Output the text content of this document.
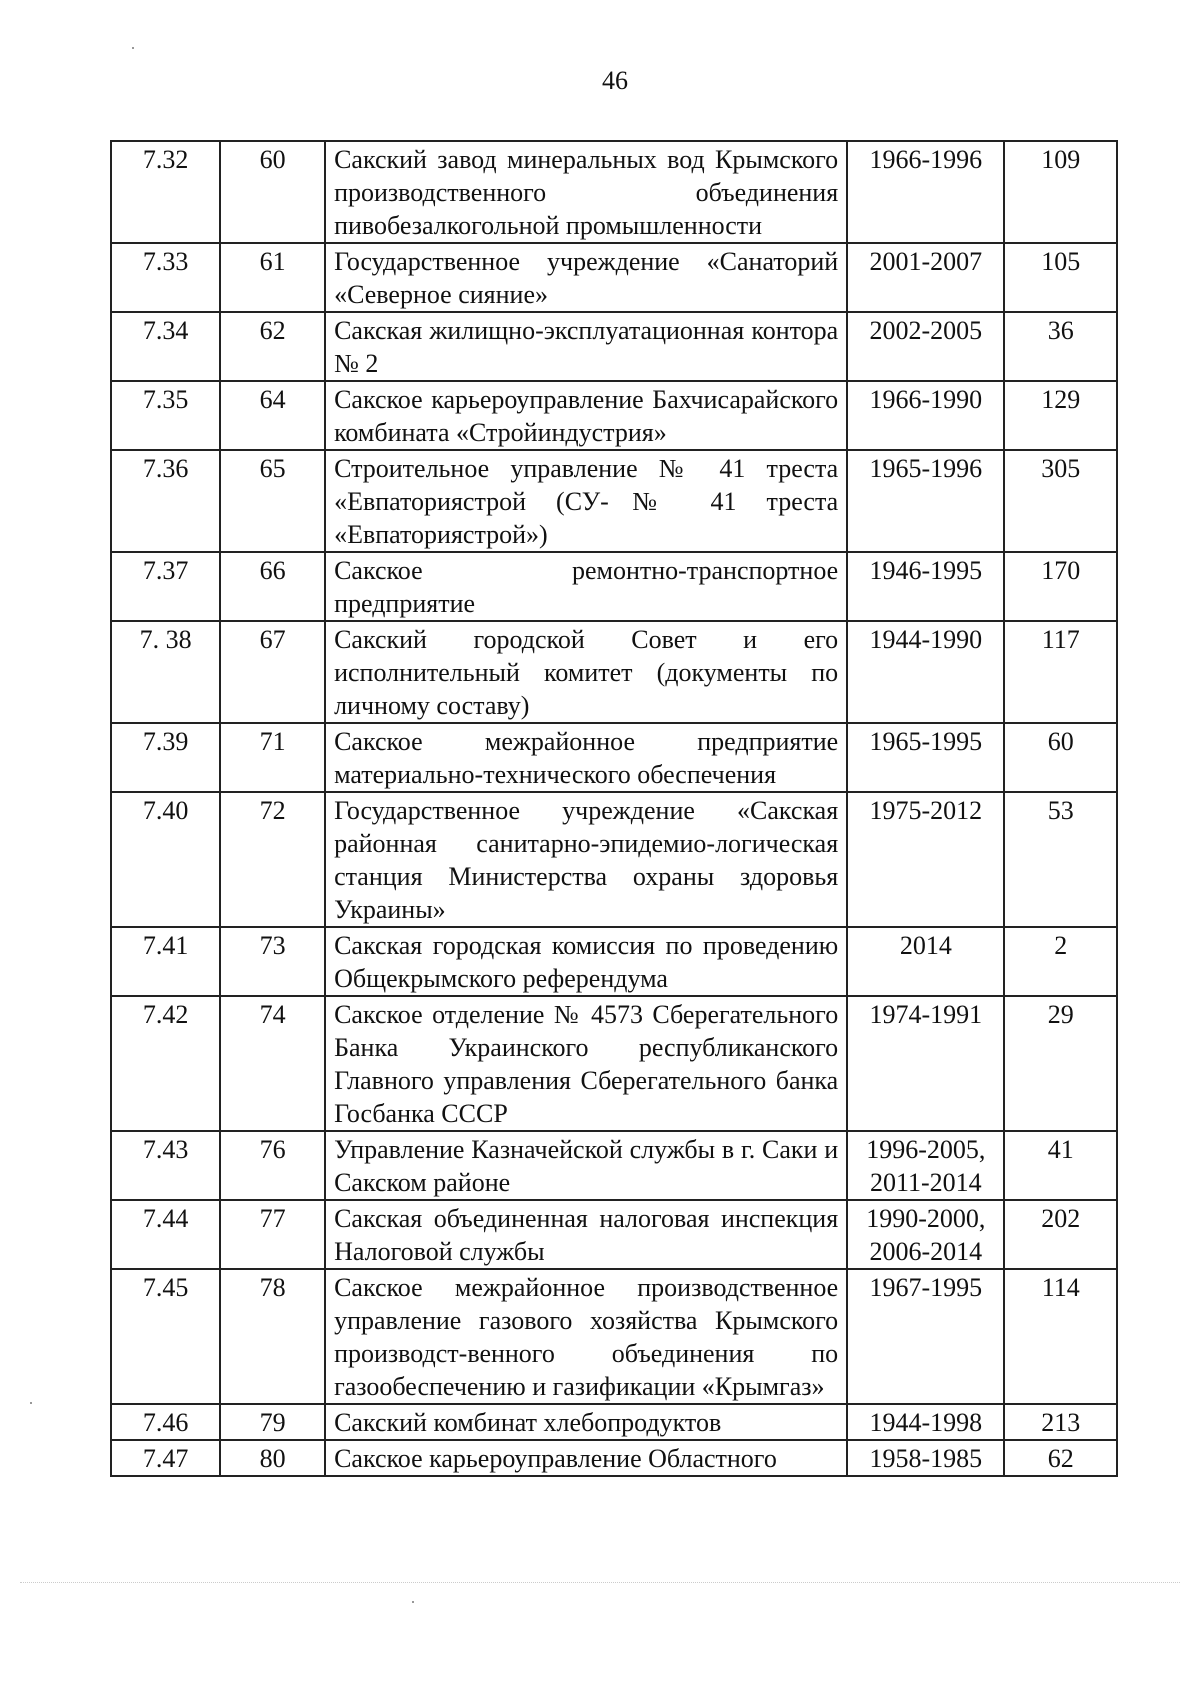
46
7.32	60	Сакский завод минеральных вод Крымского производственного объединения пивобезалкогольной промышленности	1966-1996	109
7.33	61	Государственное учреждение «Санаторий «Северное сияние»	2001-2007	105
7.34	62	Сакская жилищно-эксплуатационная контора № 2	2002-2005	36
7.35	64	Сакское карьероуправление Бахчисарайского комбината «Стройиндустрия»	1966-1990	129
7.36	65	Строительное управление № 41 треста «Евпаториястрой (СУ-№ 41 треста «Евпаториястрой»)	1965-1996	305
7.37	66	Сакское ремонтно-транспортное предприятие	1946-1995	170
7. 38	67	Сакский городской Совет и его исполнительный комитет (документы по личному составу)	1944-1990	117
7.39	71	Сакское межрайонное предприятие материально-технического обеспечения	1965-1995	60
7.40	72	Государственное учреждение «Сакская районная санитарно-эпидемио-логическая станция Министерства охраны здоровья Украины»	1975-2012	53
7.41	73	Сакская городская комиссия по проведению Общекрымского референдума	2014	2
7.42	74	Сакское отделение № 4573 Сберегательного Банка Украинского республиканского Главного управления Сберегательного банка Госбанка СССР	1974-1991	29
7.43	76	Управление Казначейской службы в г. Саки и Сакском районе	1996-2005, 2011-2014	41
7.44	77	Сакская объединенная налоговая инспекция Налоговой службы	1990-2000, 2006-2014	202
7.45	78	Сакское межрайонное производственное управление газового хозяйства Крымского производст-венного объединения по газообеспечению и газификации «Крымгаз»	1967-1995	114
7.46	79	Сакский комбинат хлебопродуктов	1944-1998	213
7.47	80	Сакское карьероуправление Областного	1958-1985	62
